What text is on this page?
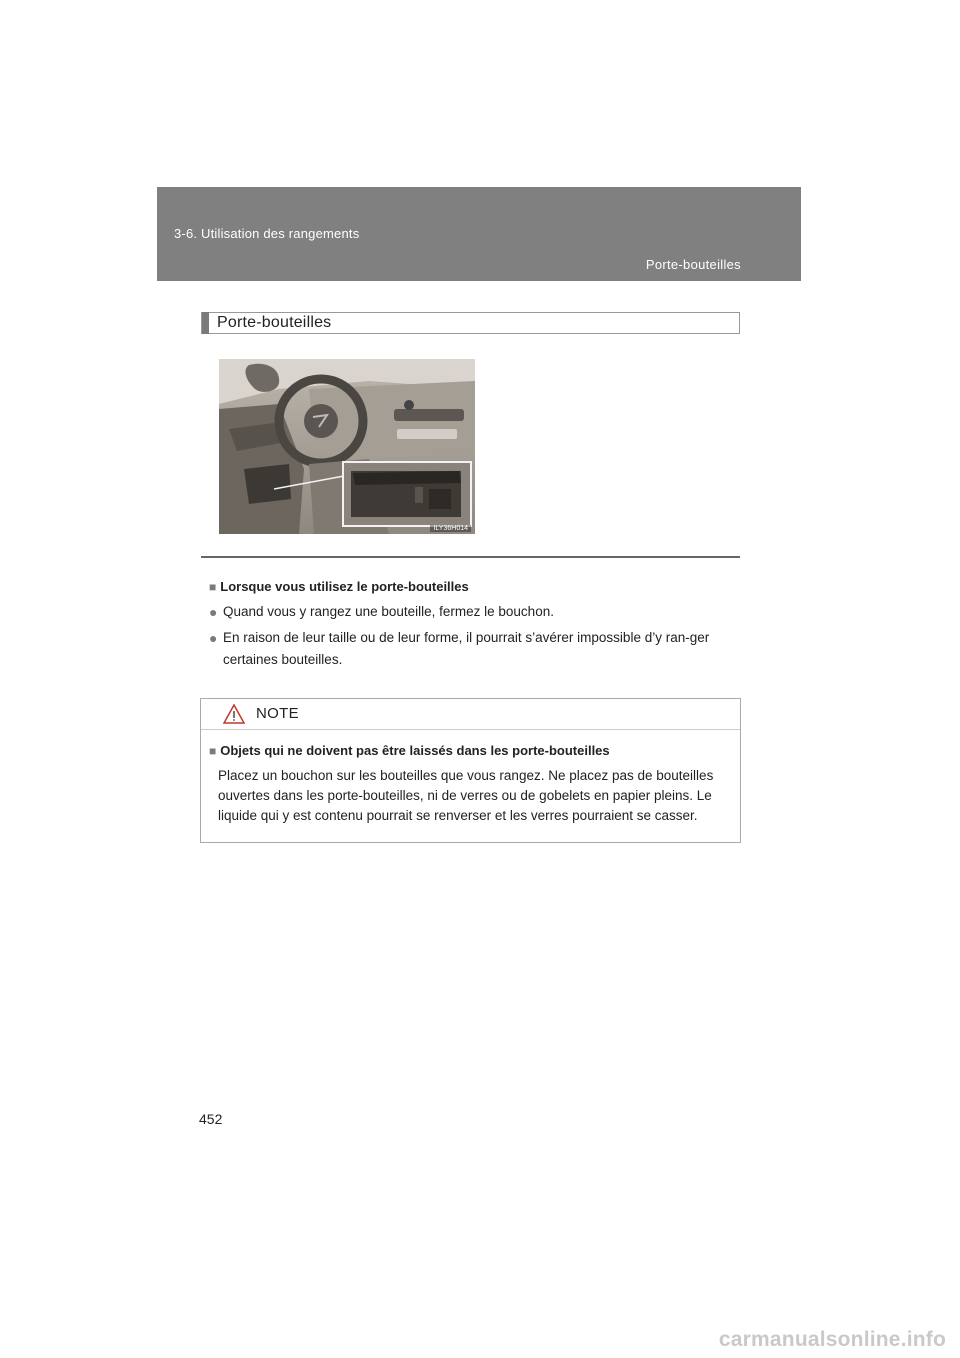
3-6. Utilisation des rangements
Porte-bouteilles
Porte-bouteilles
ILY36H014
■ Lorsque vous utilisez le porte-bouteilles
● Quand vous y rangez une bouteille, fermez le bouchon.
● En raison de leur taille ou de leur forme, il pourrait s’avérer impossible d’y ran-ger certaines bouteilles.
NOTE
■ Objets qui ne doivent pas être laissés dans les porte-bouteilles
Placez un bouchon sur les bouteilles que vous rangez. Ne placez pas de bouteilles ouvertes dans les porte-bouteilles, ni de verres ou de gobelets en papier pleins. Le liquide qui y est contenu pourrait se renverser et les verres pourraient se casser.
452
carmanualsonline.info
